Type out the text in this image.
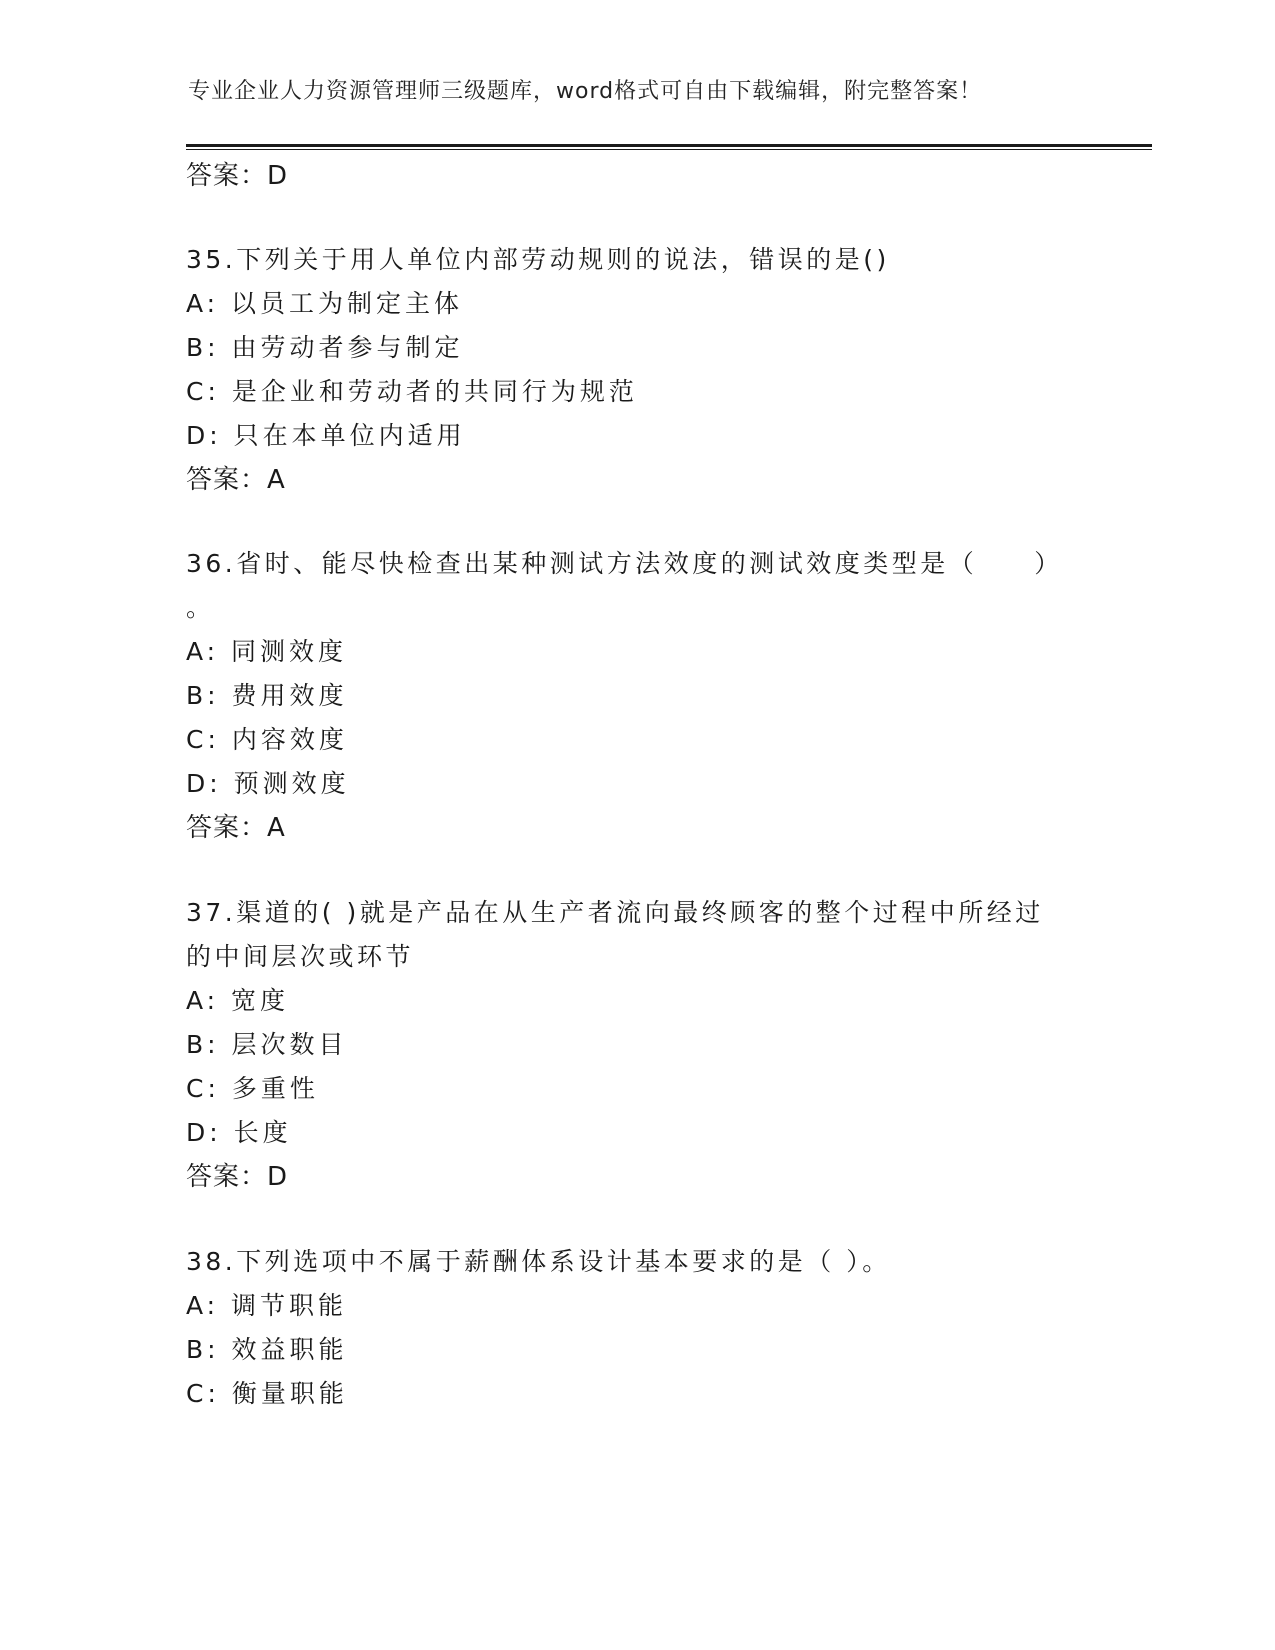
专业企业人力资源管理师三级题库，word格式可自由下载编辑，附完整答案！
答案：D
35.下列关于用人单位内部劳动规则的说法，错误的是()
A: 以员工为制定主体
B: 由劳动者参与制定
C: 是企业和劳动者的共同行为规范
D: 只在本单位内适用
答案：A
36.省时、能尽快检查出某种测试方法效度的测试效度类型是（　　）
。
A: 同测效度
B: 费用效度
C: 内容效度
D: 预测效度
答案：A
37.渠道的( )就是产品在从生产者流向最终顾客的整个过程中所经过
的中间层次或环节
A: 宽度
B: 层次数目
C: 多重性
D: 长度
答案：D
38.下列选项中不属于薪酬体系设计基本要求的是（ ）。
A: 调节职能
B: 效益职能
C: 衡量职能
